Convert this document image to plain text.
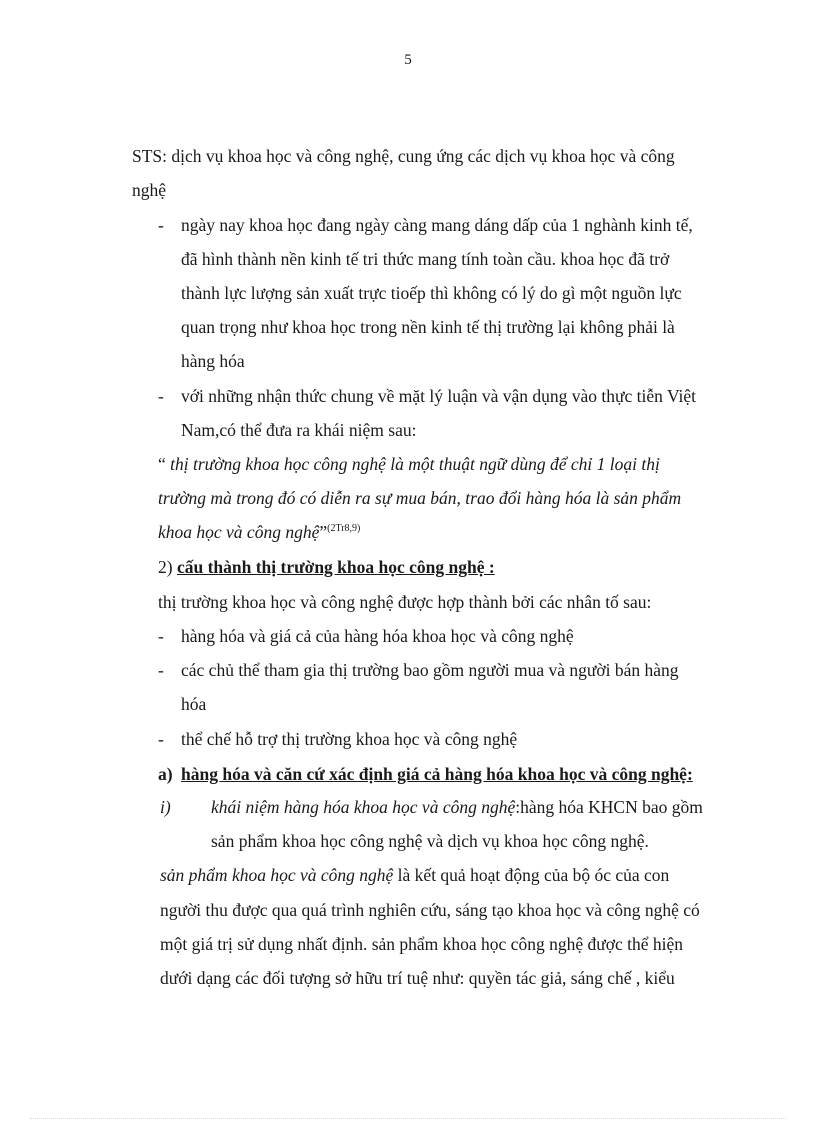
5
STS: dịch vụ khoa học và công nghệ, cung ứng các dịch vụ khoa học và công
nghệ
- ngày nay khoa học đang ngày càng mang dáng dấp của 1 nghành kinh tế,
đã hình thành nền kinh tế tri thức mang tính toàn cầu. khoa học đã trở
thành lực lượng sản xuất trực tioếp thì không có lý do gì một nguồn lực
quan trọng như khoa học trong nền kinh tế thị trường lại không phải là
hàng hóa
- với những nhận thức chung về mặt lý luận và vận dụng vào thực tiễn Việt
Nam,có thể đưa ra khái niệm sau:
“ thị trường khoa học công nghệ là một thuật ngữ dùng để chỉ 1 loại thị
trường mà trong đó có diễn ra sự mua bán, trao đổi hàng hóa là sản phẩm
khoa học và công nghệ”$^{(2Tr8,9)}$
2) cấu thành thị trường khoa học công nghệ :
thị trường khoa học và công nghệ được hợp thành bởi các nhân tố sau:
- hàng hóa và giá cả của hàng hóa khoa học và công nghệ
- các chủ thể tham gia thị trường bao gồm người mua và người bán hàng
hóa
- thể chế hỗ trợ thị trường khoa học và công nghệ
a) hàng hóa và căn cứ xác định giá cả hàng hóa khoa học và công nghệ:
i) khái niệm hàng hóa khoa học và công nghệ:hàng hóa KHCN bao gồm
sản phẩm khoa học công nghệ và dịch vụ khoa học công nghệ.
sản phẩm khoa học và công nghệ là kết quả hoạt động của bộ óc của con
người thu được qua quá trình nghiên cứu, sáng tạo khoa học và công nghệ có
một giá trị sử dụng nhất định. sản phẩm khoa học công nghệ được thể hiện
dưới dạng các đối tượng sở hữu trí tuệ như: quyền tác giả, sáng chế , kiểu
